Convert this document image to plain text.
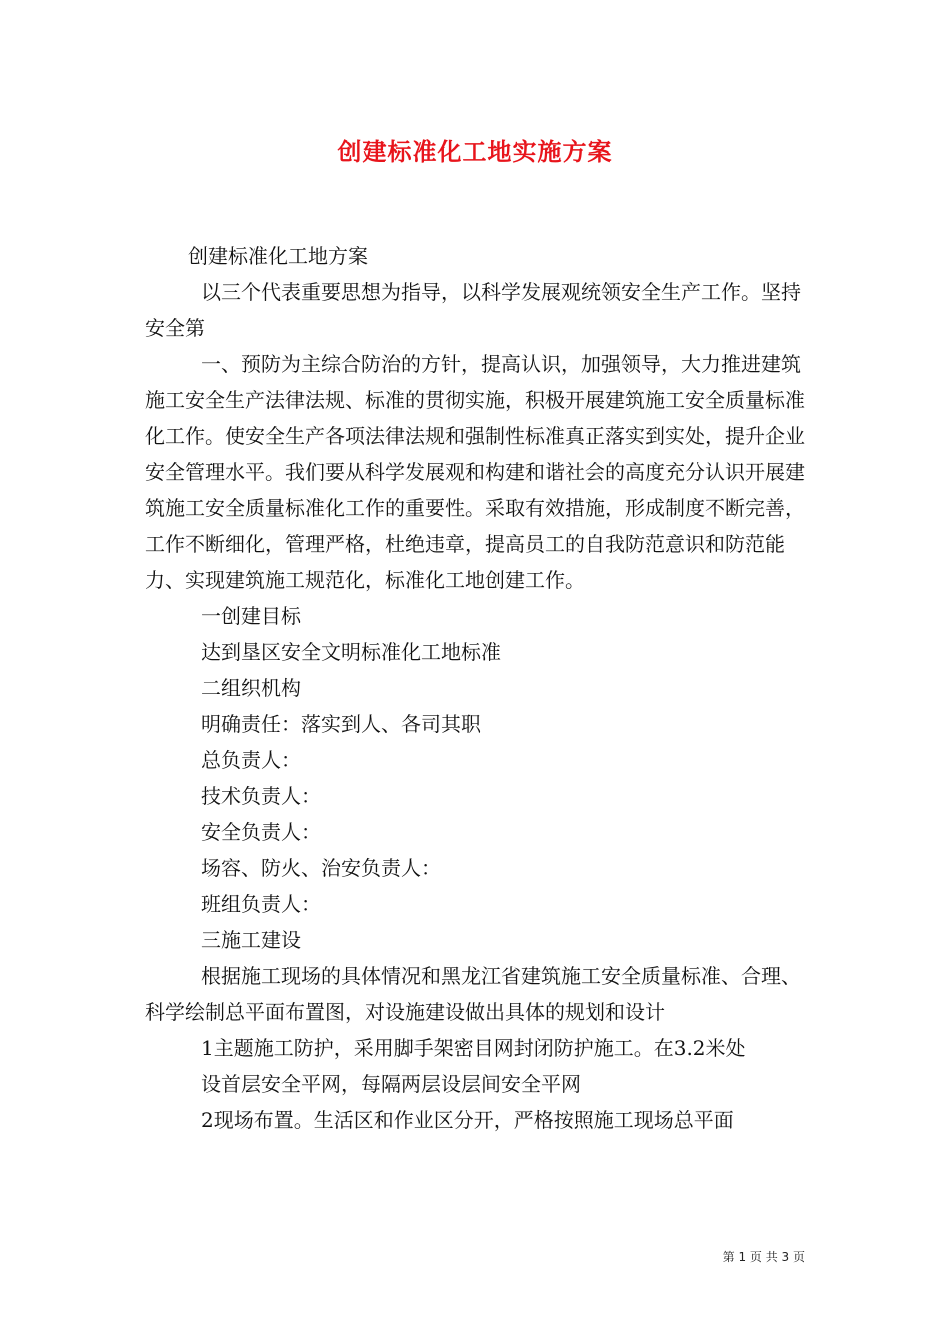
创建标准化工地实施方案

创建标准化工地方案

以三个代表重要思想为指导，以科学发展观统领安全生产工作。坚持安全第

一、预防为主综合防治的方针，提高认识，加强领导，大力推进建筑施工安全生产法律法规、标准的贯彻实施，积极开展建筑施工安全质量标准化工作。使安全生产各项法律法规和强制性标准真正落实到实处，提升企业安全管理水平。我们要从科学发展观和构建和谐社会的高度充分认识开展建筑施工安全质量标准化工作的重要性。采取有效措施，形成制度不断完善，工作不断细化，管理严格，杜绝违章，提高员工的自我防范意识和防范能力、实现建筑施工规范化，标准化工地创建工作。

一创建目标

达到垦区安全文明标准化工地标准

二组织机构

明确责任：落实到人、各司其职

总负责人：

技术负责人：

安全负责人：

场容、防火、治安负责人：

班组负责人：

三施工建设

根据施工现场的具体情况和黑龙江省建筑施工安全质量标准、合理、科学绘制总平面布置图，对设施建设做出具体的规划和设计

1主题施工防护，采用脚手架密目网封闭防护施工。在3.2米处

设首层安全平网，每隔两层设层间安全平网

2现场布置。生活区和作业区分开，严格按照施工现场总平面

第 1 页 共 3 页
